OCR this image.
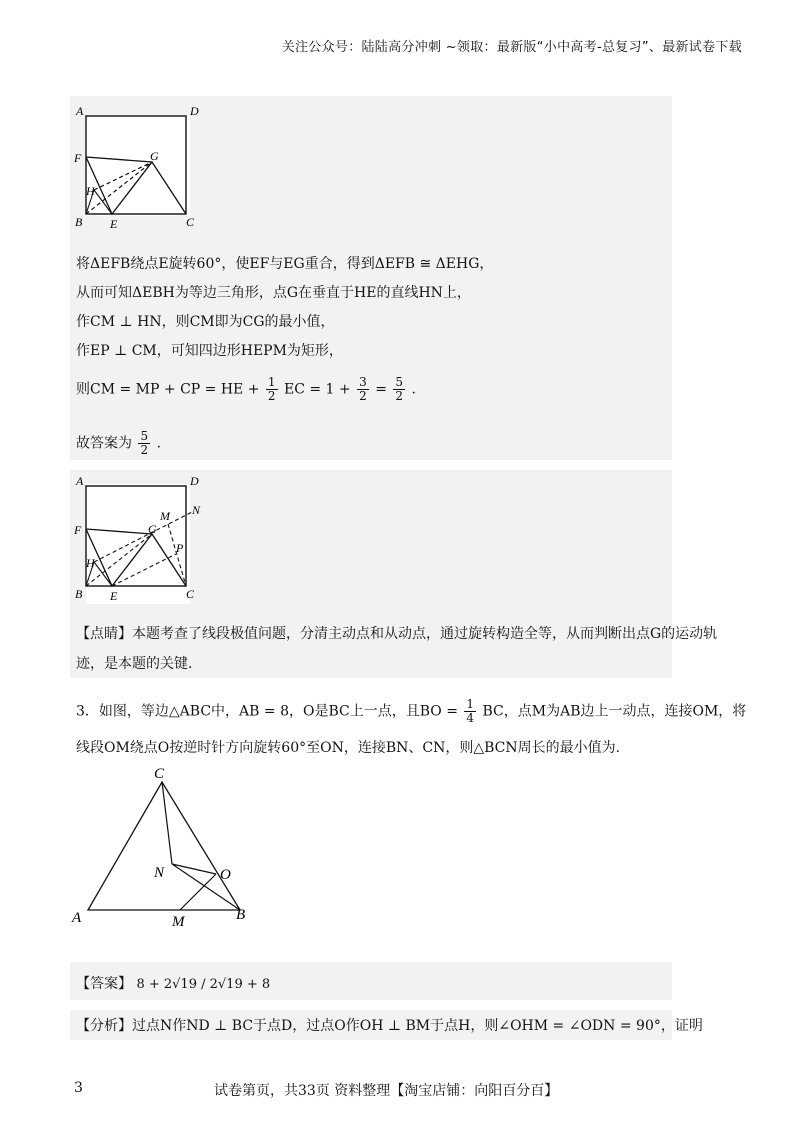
关注公众号：陆陆高分冲刺 ~领取：最新版“小中高考-总复习”、最新试卷下载
A	D
F	G
H
B E	C
将ΔEFB绕点E旋转60°，使EF与EG重合，得到ΔEFB ≅ ΔEHG，
从而可知ΔEBH为等边三角形，点G在垂直于HE的直线HN上，
作CM ⊥ HN，则CM即为CG的最小值，
作EP ⊥ CM，可知四边形HEPM为矩形，
则CM = MP + CP = HE + $\frac{1}{2}$ EC = $1 + \frac{3}{2} = \frac{5}{2}$ .
故答案为 $\frac{5}{2}$ .
A	D
F	G
M N
P
H
B E	C
【点睛】本题考查了线段极值问题，分清主动点和从动点，通过旋转构造全等，从而判断出点G的运动轨
迹，是本题的关键.
3．如图，等边△ABC中，AB = 8，O是BC上一点，且BO = $\frac{1}{4}$ BC，点M为AB边上一动点，连接OM，将
线段OM绕点O按逆时针方向旋转60°至ON，连接BN、CN，则△BCN周长的最小值为.
C
N	O
A	M	B
【答案】 8 + 2√19 / 2√19 + 8
【分析】过点N作ND ⊥ BC于点D，过点O作OH ⊥ BM于点H，则∠OHM = ∠ODN = 90°，证明
3	试卷第页，共33页 资料整理【淘宝店铺：向阳百分百】
